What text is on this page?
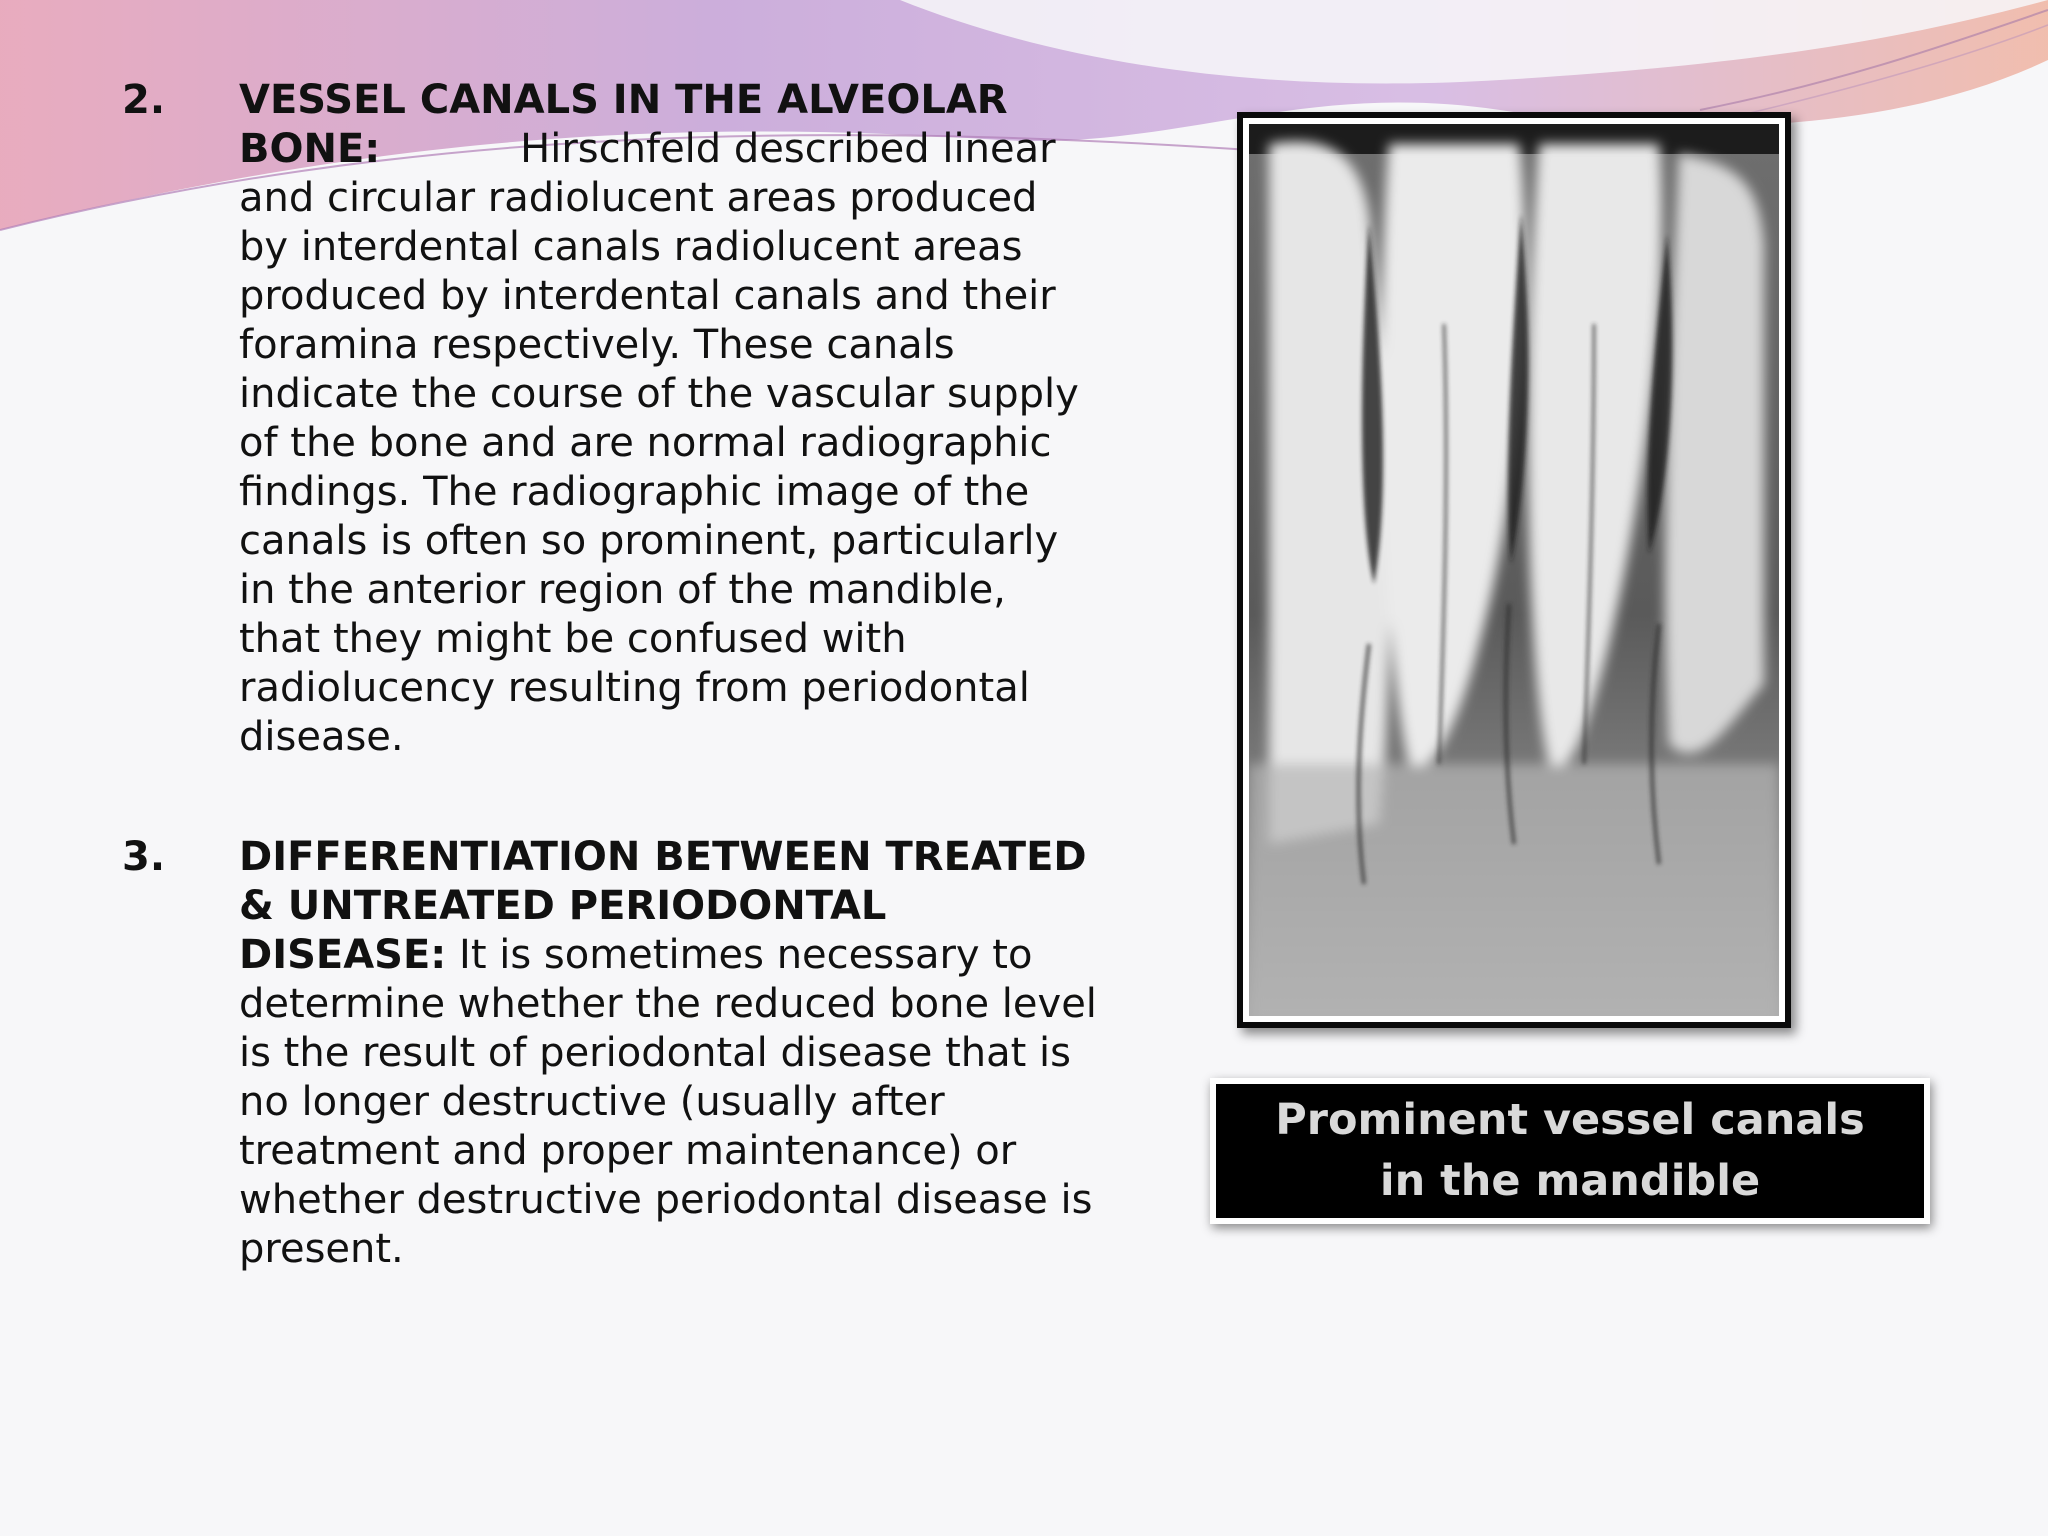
2. VESSEL CANALS IN THE ALVEOLAR BONE:           Hirschfeld described linear and circular radiolucent areas produced by interdental canals radiolucent areas produced by interdental canals and their foramina respectively. These canals indicate the course of the vascular supply of the bone and are normal radiographic findings. The radiographic image of the canals is often so prominent, particularly in the anterior region of the mandible, that they might be confused with radiolucency resulting from periodontal disease.
3. DIFFERENTIATION BETWEEN TREATED & UNTREATED PERIODONTAL DISEASE: It is sometimes necessary to determine whether the reduced bone level is the result of periodontal disease that is no longer destructive (usually after treatment and proper maintenance) or whether destructive periodontal disease is present.
Prominent vessel canals in the mandible
